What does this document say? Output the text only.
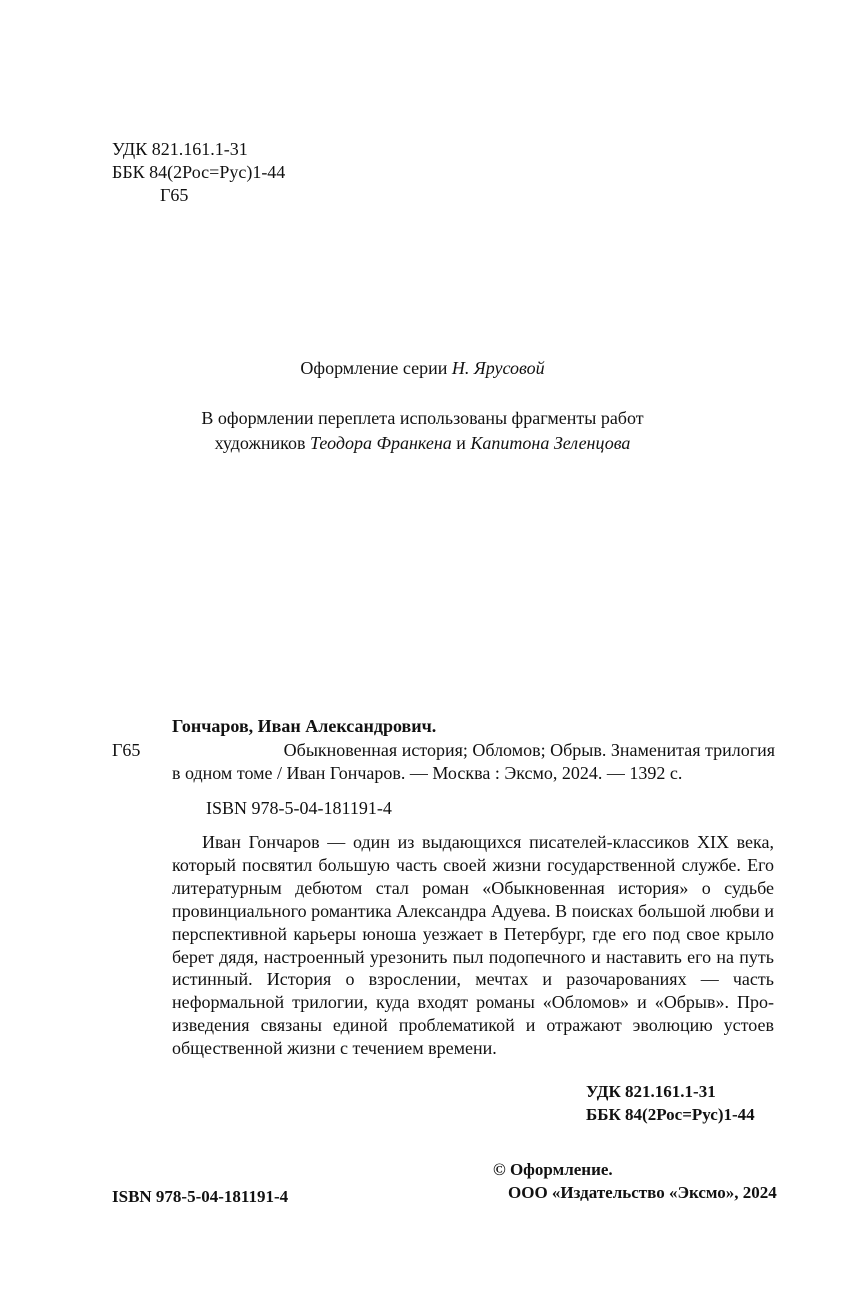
УДК 821.161.1-31

ББК 84(2Рос=Рус)1-44

Г65

Оформление серии Н. Ярусовой

В оформлении переплета использованы фрагменты работ

художников Теодора Франкена и Капитона Зеленцова

Гончаров, Иван Александрович.

Г65	Обыкновенная история; Обломов; Обрыв. Знаменитая трилогия

в одном томе / Иван Гончаров. — Москва : Эксмо, 2024. — 1392 с.

ISBN 978-5-04-181191-4

Иван Гончаров — один из выдающихся писателей-классиков XIX века, который посвятил большую часть своей жизни государственной службе. Его литературным дебютом стал роман «Обыкновенная история» о судьбе провинциального романтика Александра Адуева. В поисках большой любви и перспективной карьеры юноша уезжает в Петербург, где его под свое крыло берет дядя, настроенный урезонить пыл подопечного и наставить его на путь истинный. История о взрослении, мечтах и разочарованиях — часть неформальной трилогии, куда входят романы «Обломов» и «Обрыв». Произведения связаны единой проблематикой и отражают эволюцию устоев общественной жизни с течением времени.

УДК 821.161.1-31

ББК 84(2Рос=Рус)1-44

ISBN 978-5-04-181191-4

© Оформление.

ООО «Издательство «Эксмо», 2024
